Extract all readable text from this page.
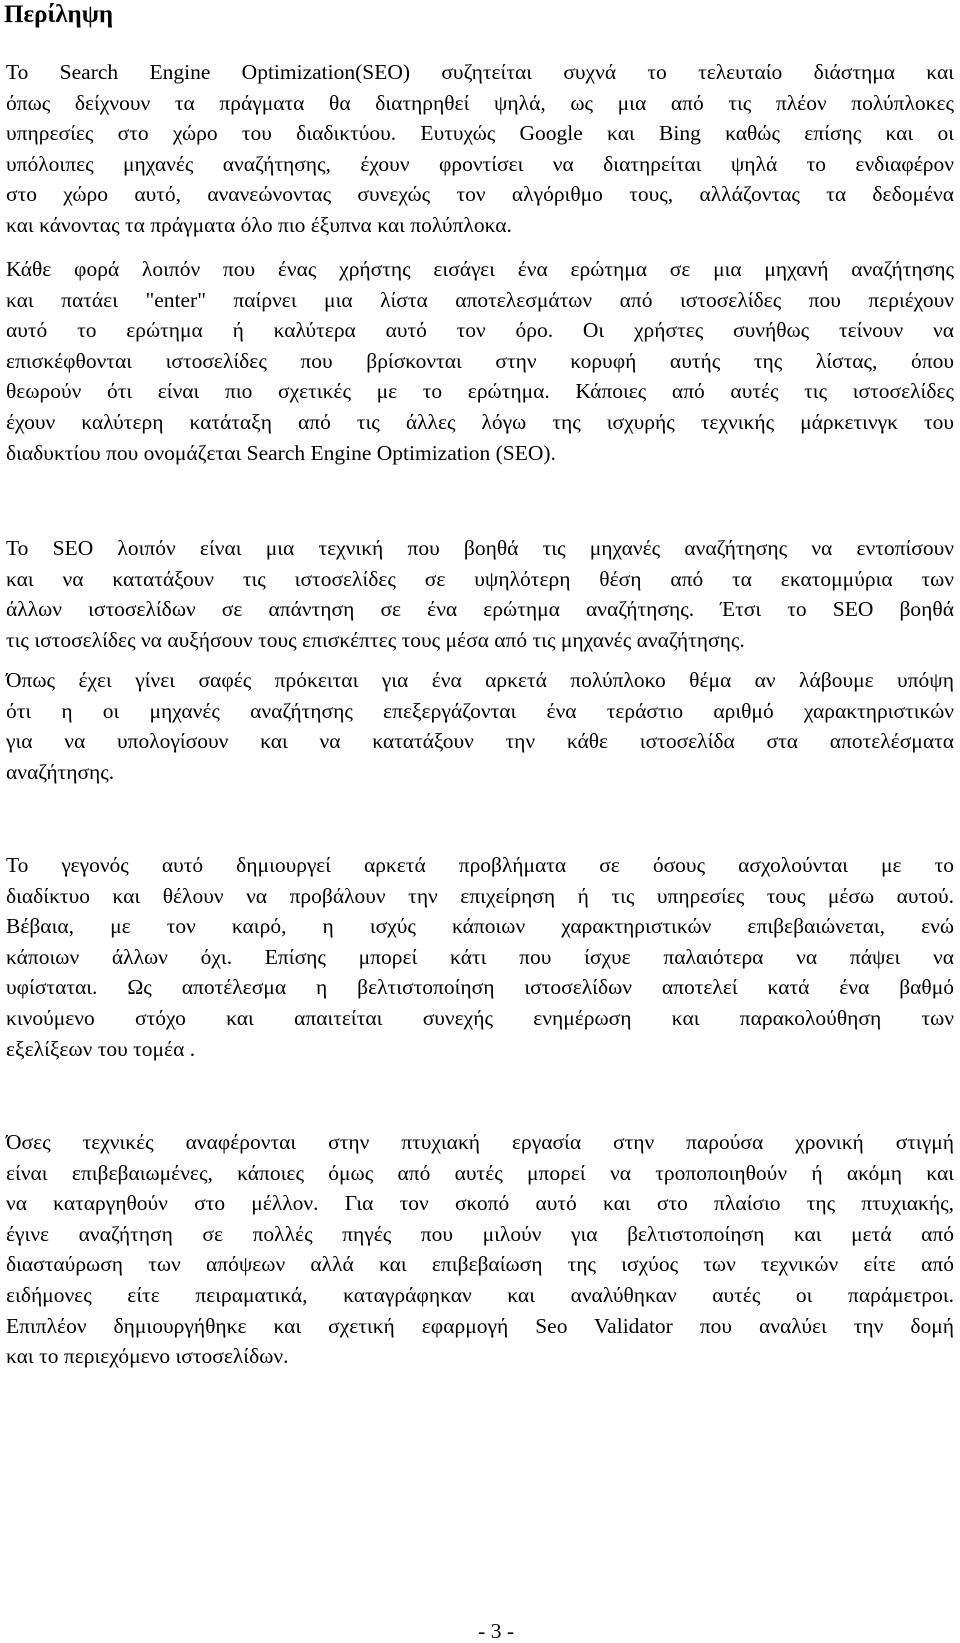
Περίληψη

To Search Engine Optimization(SEO) συζητείται συχνά το τελευταίο διάστημα και
όπως δείχνουν τα πράγματα θα διατηρηθεί ψηλά, ως μια από τις πλέον πολύπλοκες
υπηρεσίες στο χώρο του διαδικτύου. Ευτυχώς Google και Bing καθώς επίσης και οι
υπόλοιπες μηχανές αναζήτησης, έχουν φροντίσει να διατηρείται ψηλά το ενδιαφέρον
στο χώρο αυτό, ανανεώνοντας συνεχώς τον αλγόριθμο τους, αλλάζοντας τα δεδομένα
και κάνοντας τα πράγματα όλο πιο έξυπνα και πολύπλοκα.

Κάθε φορά λοιπόν που ένας χρήστης εισάγει ένα ερώτημα σε μια μηχανή αναζήτησης
και πατάει "enter" παίρνει μια λίστα αποτελεσμάτων από ιστοσελίδες που περιέχουν
αυτό το ερώτημα ή καλύτερα αυτό τον όρο. Οι χρήστες συνήθως τείνουν να
επισκέφθονται ιστοσελίδες που βρίσκονται στην κορυφή αυτής της λίστας, όπου
θεωρούν ότι είναι πιο σχετικές με το ερώτημα. Κάποιες από αυτές τις ιστοσελίδες
έχουν καλύτερη κατάταξη από τις άλλες λόγω της ισχυρής τεχνικής μάρκετινγκ του
διαδυκτίου που ονομάζεται Search Engine Optimization (SEO).

Το SEO λοιπόν είναι μια τεχνική που βοηθά τις μηχανές αναζήτησης να εντοπίσουν
και να κατατάξουν τις ιστοσελίδες σε υψηλότερη θέση από τα εκατομμύρια των
άλλων ιστοσελίδων σε απάντηση σε ένα ερώτημα αναζήτησης. Έτσι το SEO βοηθά
τις ιστοσελίδες να αυξήσουν τους επισκέπτες τους μέσα από τις μηχανές αναζήτησης.

Όπως έχει γίνει σαφές πρόκειται για ένα αρκετά πολύπλοκο θέμα αν λάβουμε υπόψη
ότι η οι μηχανές αναζήτησης επεξεργάζονται ένα τεράστιο αριθμό χαρακτηριστικών
για να υπολογίσουν και να κατατάξουν την κάθε ιστοσελίδα στα αποτελέσματα
αναζήτησης.

Το γεγονός αυτό δημιουργεί αρκετά προβλήματα σε όσους ασχολούνται με το
διαδίκτυο και θέλουν να προβάλουν την επιχείρηση ή τις υπηρεσίες τους μέσω αυτού.
Βέβαια, με τον καιρό, η ισχύς κάποιων χαρακτηριστικών επιβεβαιώνεται, ενώ
κάποιων άλλων όχι. Επίσης μπορεί κάτι που ίσχυε παλαιότερα να πάψει να
υφίσταται. Ως αποτέλεσμα η βελτιστοποίηση ιστοσελίδων αποτελεί κατά ένα βαθμό
κινούμενο στόχο και απαιτείται συνεχής ενημέρωση και παρακολούθηση των
εξελίξεων του τομέα .

Όσες τεχνικές αναφέρονται στην πτυχιακή εργασία στην παρούσα χρονική στιγμή
είναι επιβεβαιωμένες, κάποιες όμως από αυτές μπορεί να τροποποιηθούν ή ακόμη και
να καταργηθούν στο μέλλον. Για τον σκοπό αυτό και στο πλαίσιο της πτυχιακής,
έγινε αναζήτηση σε πολλές πηγές που μιλούν για βελτιστοποίηση και μετά από
διασταύρωση των απόψεων αλλά και επιβεβαίωση της ισχύος των τεχνικών είτε από
ειδήμονες είτε πειραματικά, καταγράφηκαν και αναλύθηκαν αυτές οι παράμετροι.
Επιπλέον δημιουργήθηκε και σχετική εφαρμογή Seo Validator που αναλύει την δομή
και το περιεχόμενο ιστοσελίδων.

- 3 -
